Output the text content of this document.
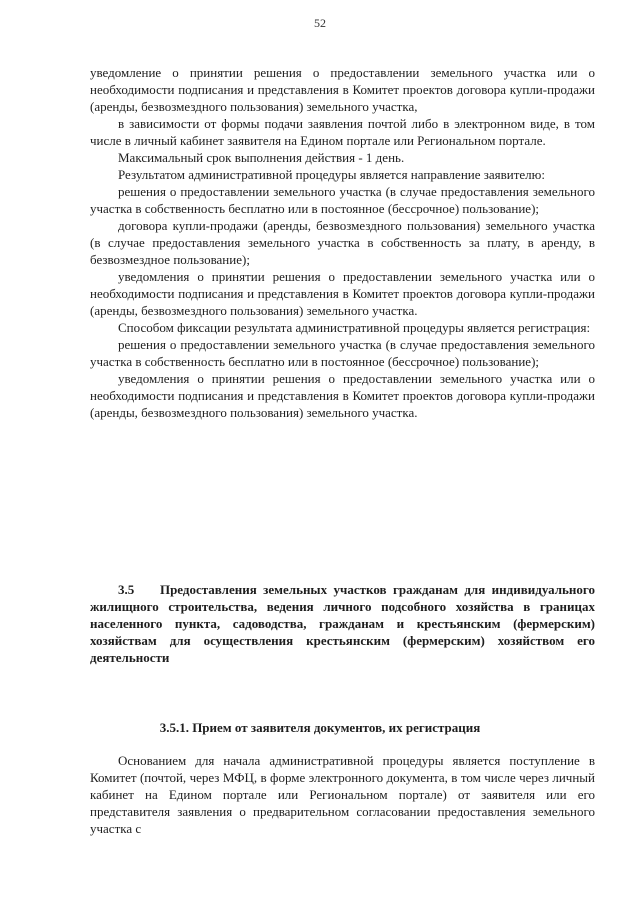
52

уведомление о принятии решения о предоставлении земельного участка или о необходимости подписания и представления в Комитет проектов договора купли-продажи (аренды, безвозмездного пользования) земельного участка,

в зависимости от формы подачи заявления почтой либо в электронном виде, в том числе в личный кабинет заявителя на Едином портале или Региональном портале.

Максимальный срок выполнения действия - 1 день.

Результатом административной процедуры является направление заявителю:

решения о предоставлении земельного участка (в случае предоставления земельного участка в собственность бесплатно или в постоянное (бессрочное) пользование);

договора купли-продажи (аренды, безвозмездного пользования) земельного участка (в случае предоставления земельного участка в собственность за плату, в аренду, в безвозмездное пользование);

уведомления о принятии решения о предоставлении земельного участка или о необходимости подписания и представления в Комитет проектов договора купли-продажи (аренды, безвозмездного пользования) земельного участка.

Способом фиксации результата административной процедуры является регистрация:

решения о предоставлении земельного участка (в случае предоставления земельного участка в собственность бесплатно или в постоянное (бессрочное) пользование);

уведомления о принятии решения о предоставлении земельного участка или о необходимости подписания и представления в Комитет проектов договора купли-продажи (аренды, безвозмездного пользования) земельного участка.

3.5 Предоставления земельных участков гражданам для индивидуального жилищного строительства, ведения личного подсобного хозяйства в границах населенного пункта, садоводства, гражданам и крестьянским (фермерским) хозяйствам для осуществления крестьянским (фермерским) хозяйством его деятельности

3.5.1. Прием от заявителя документов, их регистрация

Основанием для начала административной процедуры является поступление в Комитет (почтой, через МФЦ, в форме электронного документа, в том числе через личный кабинет на Едином портале или Региональном портале) от заявителя или его представителя заявления о предварительном согласовании предоставления земельного участка с
